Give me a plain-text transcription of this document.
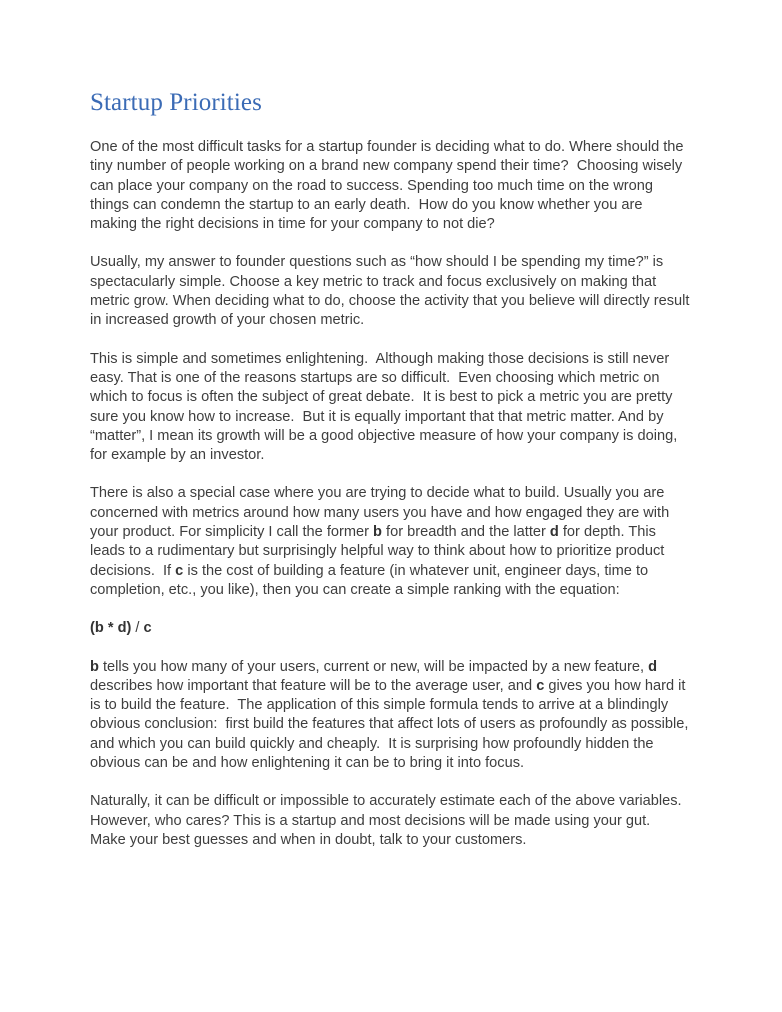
Startup Priorities

One of the most difficult tasks for a startup founder is deciding what to do. Where should the tiny number of people working on a brand new company spend their time?  Choosing wisely can place your company on the road to success. Spending too much time on the wrong things can condemn the startup to an early death.  How do you know whether you are making the right decisions in time for your company to not die?

Usually, my answer to founder questions such as “how should I be spending my time?” is spectacularly simple. Choose a key metric to track and focus exclusively on making that metric grow. When deciding what to do, choose the activity that you believe will directly result in increased growth of your chosen metric.

This is simple and sometimes enlightening.  Although making those decisions is still never easy. That is one of the reasons startups are so difficult.  Even choosing which metric on which to focus is often the subject of great debate.  It is best to pick a metric you are pretty sure you know how to increase.  But it is equally important that that metric matter. And by “matter”, I mean its growth will be a good objective measure of how your company is doing, for example by an investor.

There is also a special case where you are trying to decide what to build. Usually you are concerned with metrics around how many users you have and how engaged they are with your product. For simplicity I call the former b for breadth and the latter d for depth. This leads to a rudimentary but surprisingly helpful way to think about how to prioritize product decisions.  If c is the cost of building a feature (in whatever unit, engineer days, time to completion, etc., you like), then you can create a simple ranking with the equation:

(b * d) / c

b tells you how many of your users, current or new, will be impacted by a new feature, d describes how important that feature will be to the average user, and c gives you how hard it is to build the feature.  The application of this simple formula tends to arrive at a blindingly obvious conclusion:  first build the features that affect lots of users as profoundly as possible, and which you can build quickly and cheaply.  It is surprising how profoundly hidden the obvious can be and how enlightening it can be to bring it into focus.

Naturally, it can be difficult or impossible to accurately estimate each of the above variables. However, who cares? This is a startup and most decisions will be made using your gut.  Make your best guesses and when in doubt, talk to your customers.
